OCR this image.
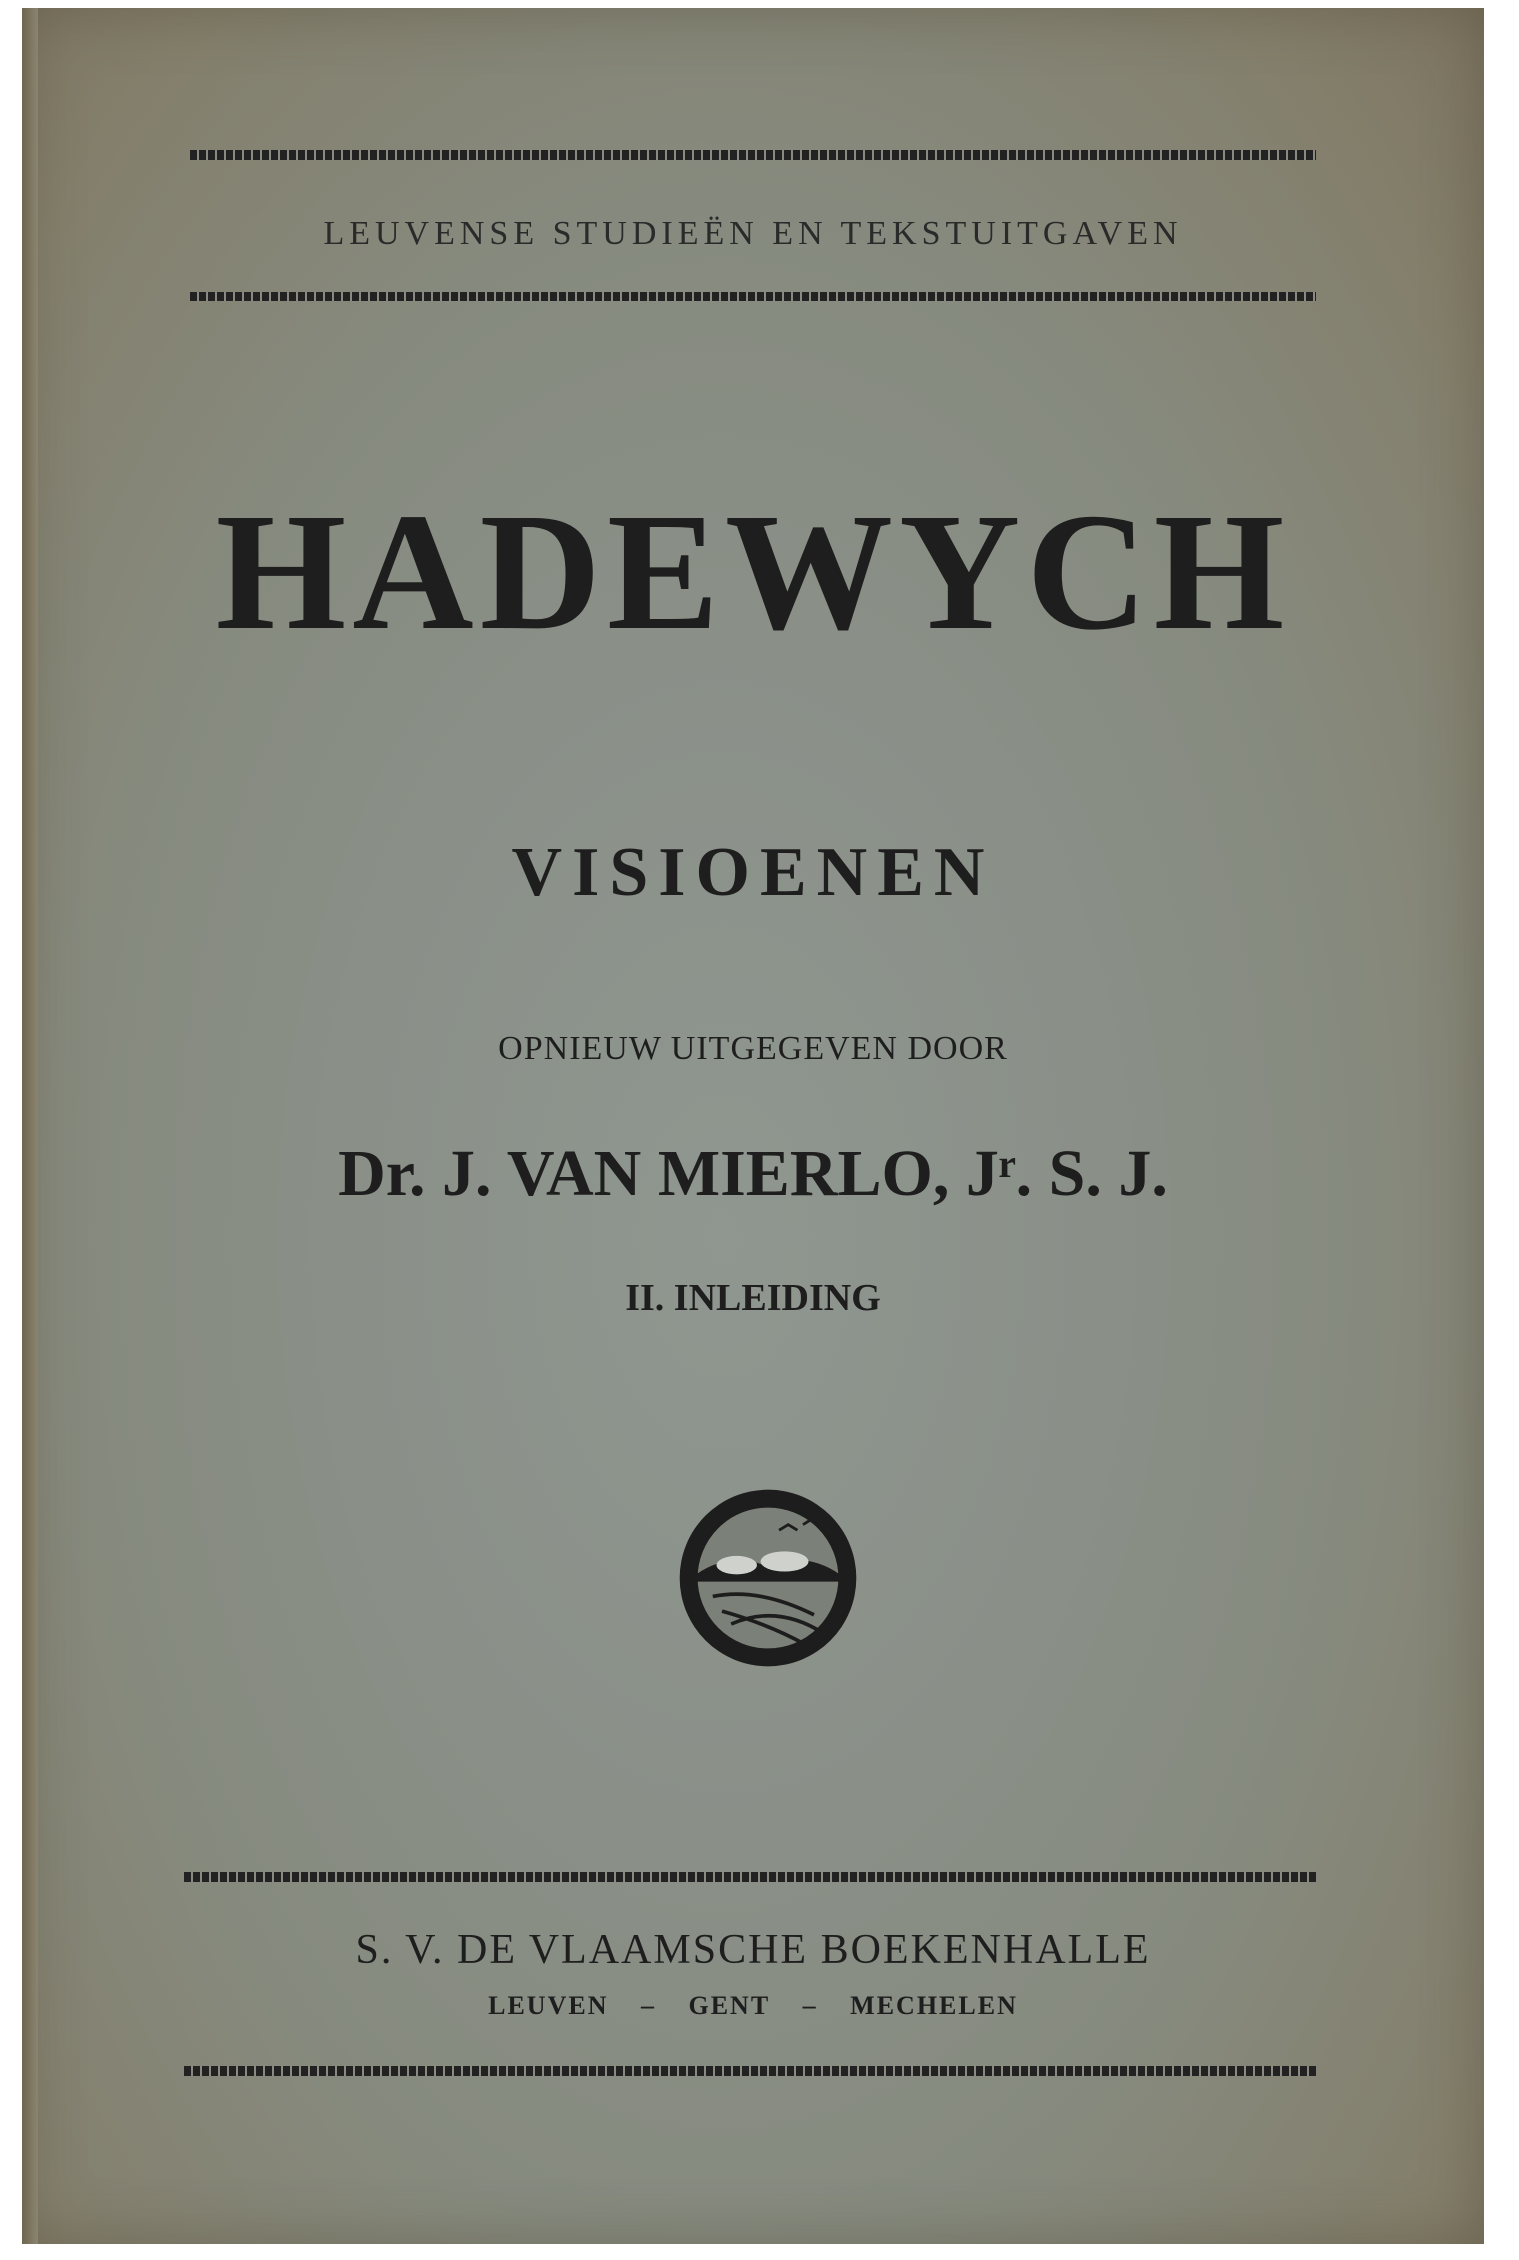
LEUVENSE STUDIEËN EN TEKSTUITGAVEN
HADEWYCH
VISIOENEN
OPNIEUW UITGEGEVEN DOOR
Dr. J. VAN MIERLO, Jʳ. S. J.
II. INLEIDING
S. V. DE VLAAMSCHE BOEKENHALLE
LEUVEN – GENT – MECHELEN
